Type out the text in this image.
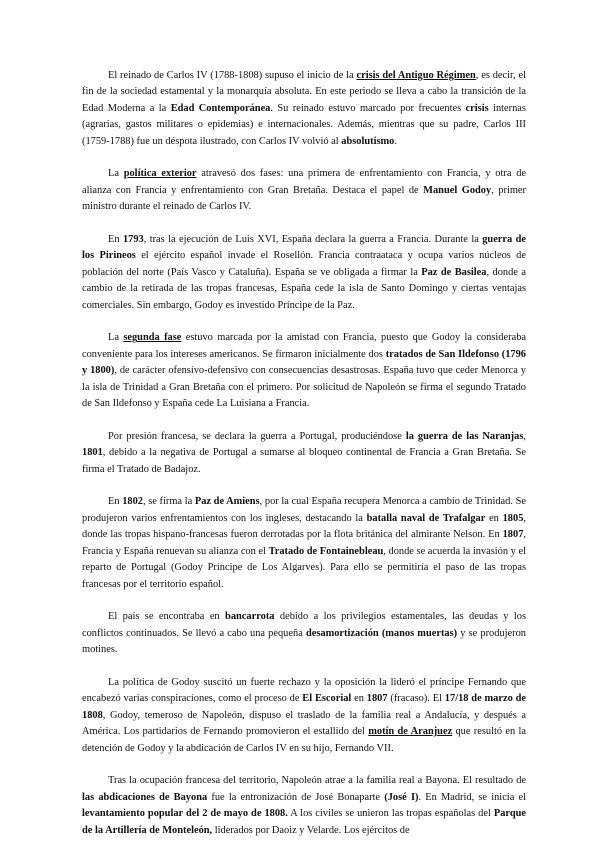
El reinado de Carlos IV (1788-1808) supuso el inicio de la crisis del Antiguo Régimen, es decir, el fin de la sociedad estamental y la monarquía absoluta. En este periodo se lleva a cabo la transición de la Edad Moderna a la Edad Contemporánea. Su reinado estuvo marcado por frecuentes crisis internas (agrarias, gastos militares o epidemias) e internacionales. Además, mientras que su padre, Carlos III (1759-1788) fue un déspota ilustrado, con Carlos IV volvió al absolutismo.

La política exterior atravesó dos fases: una primera de enfrentamiento con Francia, y otra de alianza con Francia y enfrentamiento con Gran Bretaña. Destaca el papel de Manuel Godoy, primer ministro durante el reinado de Carlos IV.

En 1793, tras la ejecución de Luis XVI, España declara la guerra a Francia. Durante la guerra de los Pirineos el ejército español invade el Rosellón. Francia contraataca y ocupa varios núcleos de población del norte (País Vasco y Cataluña). España se ve obligada a firmar la Paz de Basilea, donde a cambio de la retirada de las tropas francesas, España cede la isla de Santo Domingo y ciertas ventajas comerciales. Sin embargo, Godoy es investido Príncipe de la Paz.

La segunda fase estuvo marcada por la amistad con Francia, puesto que Godoy la consideraba conveniente para los intereses americanos. Se firmaron inicialmente dos tratados de San Ildefonso (1796 y 1800), de carácter ofensivo-defensivo con consecuencias desastrosas. España tuvo que ceder Menorca y la isla de Trinidad a Gran Bretaña con el primero. Por solicitud de Napoleón se firma el segundo Tratado de San Ildefonso y España cede La Luisiana a Francia.

Por presión francesa, se declara la guerra a Portugal, produciéndose la guerra de las Naranjas, 1801, debido a la negativa de Portugal a sumarse al bloqueo continental de Francia a Gran Bretaña. Se firma el Tratado de Badajoz.

En 1802, se firma la Paz de Amiens, por la cual España recupera Menorca a cambio de Trinidad. Se produjeron varios enfrentamientos con los ingleses, destacando la batalla naval de Trafalgar en 1805, donde las tropas hispano-francesas fueron derrotadas por la flota británica del almirante Nelson. En 1807, Francia y España renuevan su alianza con el Tratado de Fontainebleau, donde se acuerda la invasión y el reparto de Portugal (Godoy Príncipe de Los Algarves). Para ello se permitiría el paso de las tropas francesas por el territorio español.

El país se encontraba en bancarrota debido a los privilegios estamentales, las deudas y los conflictos continuados. Se llevó a cabo una pequeña desamortización (manos muertas) y se produjeron motines.

La política de Godoy suscitó un fuerte rechazo y la oposición la lideró el príncipe Fernando que encabezó varias conspiraciones, como el proceso de El Escorial en 1807 (fracaso). El 17/18 de marzo de 1808, Godoy, temeroso de Napoleón, dispuso el traslado de la familia real a Andalucía, y después a América. Los partidarios de Fernando promovieron el estallido del motín de Aranjuez que resultó en la detención de Godoy y la abdicación de Carlos IV en su hijo, Fernando VII.

Tras la ocupación francesa del territorio, Napoleón atrae a la familia real a Bayona. El resultado de las abdicaciones de Bayona fue la entronización de José Bonaparte (José I). En Madrid, se inicia el levantamiento popular del 2 de mayo de 1808. A los civiles se unieron las tropas españolas del Parque de la Artillería de Monteleón, liderados por Daoiz y Velarde. Los ejércitos de
